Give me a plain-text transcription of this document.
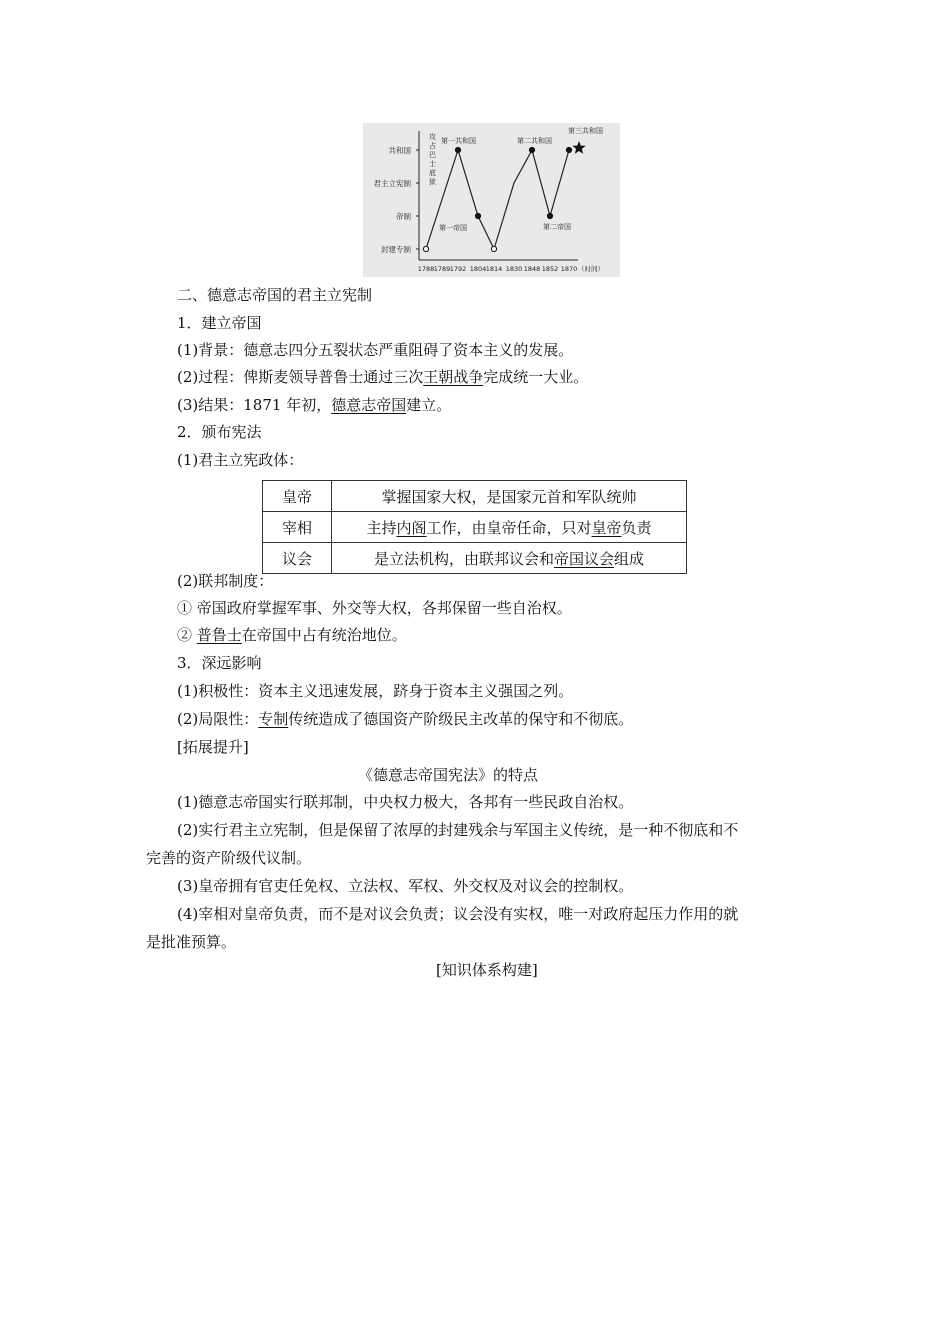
封建专制
帝制
君主立宪制
共和国
1788 1789 1792 1804 1814 1830 1848 1852 1870 （时间）
攻占巴士底狱
第一共和国
第一帝国
第二共和国
第二帝国
第三共和国
二、德意志帝国的君主立宪制
1．建立帝国
(1)背景：德意志四分五裂状态严重阻碍了资本主义的发展。
(2)过程：俾斯麦领导普鲁士通过三次王朝战争完成统一大业。
(3)结果：1871 年初，德意志帝国建立。
2．颁布宪法
(1)君主立宪政体：
皇帝	掌握国家大权，是国家元首和军队统帅
宰相	主持内阁工作，由皇帝任命，只对皇帝负责
议会	是立法机构，由联邦议会和帝国议会组成
(2)联邦制度：
① 帝国政府掌握军事、外交等大权，各邦保留一些自治权。
② 普鲁士在帝国中占有统治地位。
3．深远影响
(1)积极性：资本主义迅速发展，跻身于资本主义强国之列。
(2)局限性：专制传统造成了德国资产阶级民主改革的保守和不彻底。
[拓展提升]
《德意志帝国宪法》的特点
(1)德意志帝国实行联邦制，中央权力极大，各邦有一些民政自治权。
(2)实行君主立宪制，但是保留了浓厚的封建残余与军国主义传统，是一种不彻底和不
完善的资产阶级代议制。
(3)皇帝拥有官吏任免权、立法权、军权、外交权及对议会的控制权。
(4)宰相对皇帝负责，而不是对议会负责；议会没有实权，唯一对政府起压力作用的就
是批准预算。
[知识体系构建]
